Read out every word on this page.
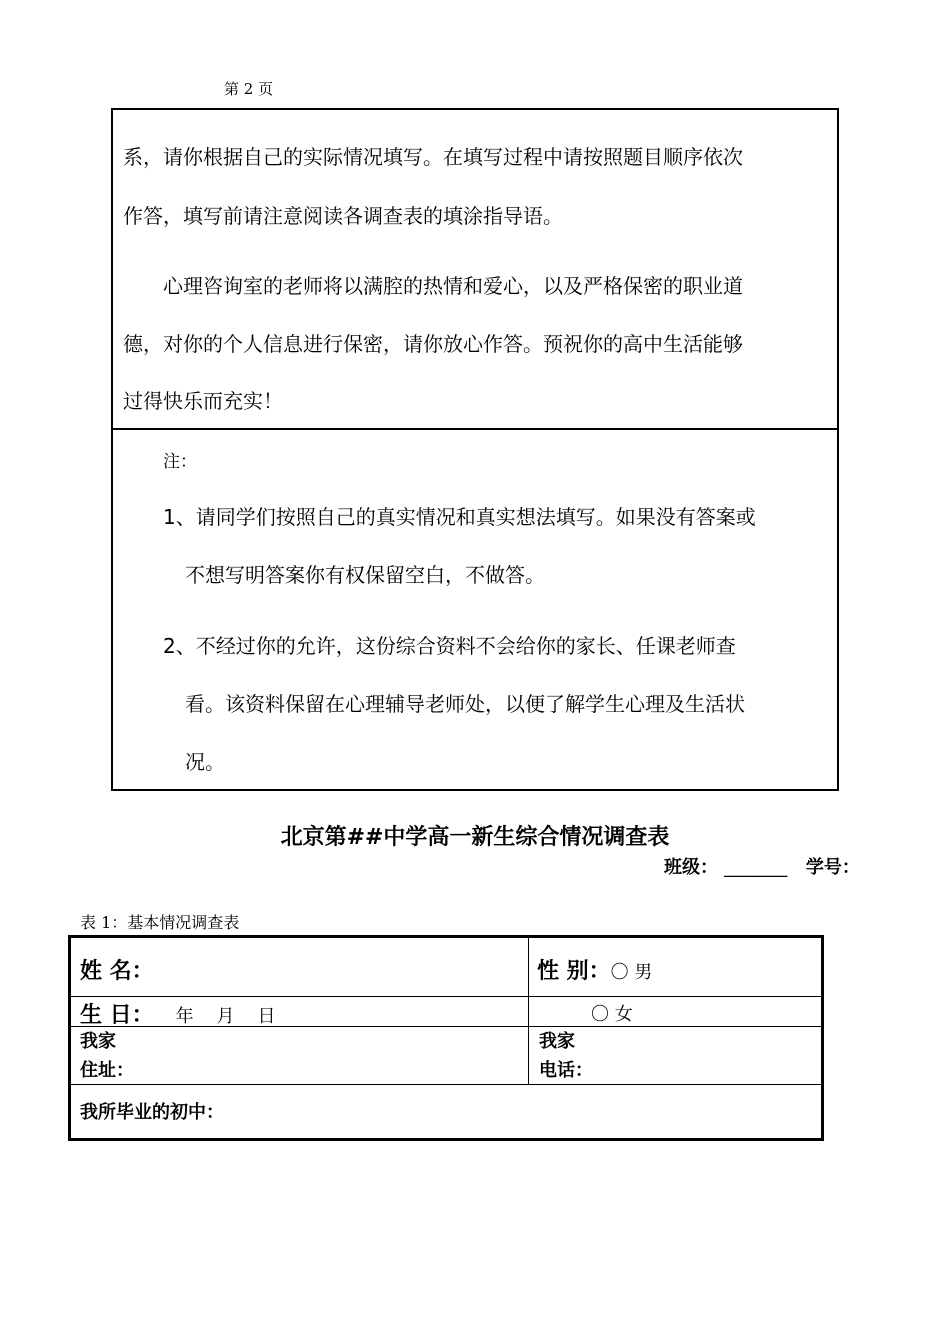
第 2 页
系，请你根据自己的实际情况填写。在填写过程中请按照题目顺序依次
作答，填写前请注意阅读各调查表的填涂指导语。
心理咨询室的老师将以满腔的热情和爱心，以及严格保密的职业道
德，对你的个人信息进行保密，请你放心作答。预祝你的高中生活能够
过得快乐而充实！
注：
1、请同学们按照自己的真实情况和真实想法填写。如果没有答案或
不想写明答案你有权保留空白，不做答。
2、不经过你的允许，这份综合资料不会给你的家长、任课老师查
看。该资料保留在心理辅导老师处，以便了解学生心理及生活状
况。
北京第##中学高一新生综合情况调查表
班级： _______ 学号：
表 1：基本情况调查表
姓 名：	性 别：〇 男
生 日： 年    月    日	〇 女
我家
住址：
我家
电话：
我所毕业的初中：
